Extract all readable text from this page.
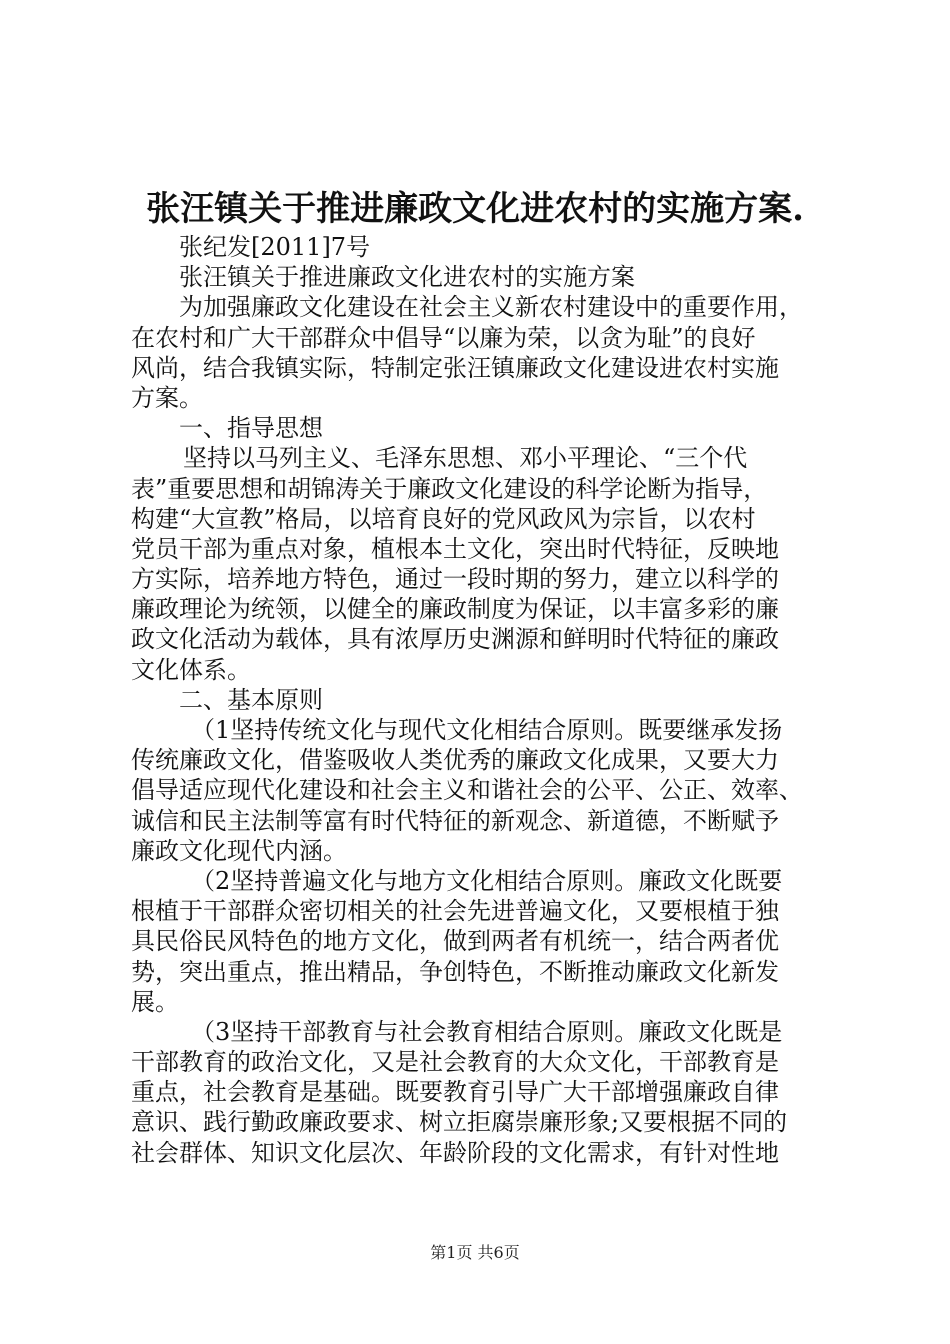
张汪镇关于推进廉政文化进农村的实施方案.
张纪发[2011]7号
张汪镇关于推进廉政文化进农村的实施方案
为加强廉政文化建设在社会主义新农村建设中的重要作用，
在农村和广大干部群众中倡导“以廉为荣，以贪为耻”的良好
风尚，结合我镇实际，特制定张汪镇廉政文化建设进农村实施
方案。
一、指导思想
坚持以马列主义、毛泽东思想、邓小平理论、“三个代
表”重要思想和胡锦涛关于廉政文化建设的科学论断为指导，
构建“大宣教”格局，以培育良好的党风政风为宗旨，以农村
党员干部为重点对象，植根本土文化，突出时代特征，反映地
方实际，培养地方特色，通过一段时期的努力，建立以科学的
廉政理论为统领，以健全的廉政制度为保证，以丰富多彩的廉
政文化活动为载体，具有浓厚历史渊源和鲜明时代特征的廉政
文化体系。
二、基本原则
（1坚持传统文化与现代文化相结合原则。既要继承发扬
传统廉政文化，借鉴吸收人类优秀的廉政文化成果，又要大力
倡导适应现代化建设和社会主义和谐社会的公平、公正、效率、
诚信和民主法制等富有时代特征的新观念、新道德，不断赋予
廉政文化现代内涵。
（2坚持普遍文化与地方文化相结合原则。廉政文化既要
根植于干部群众密切相关的社会先进普遍文化，又要根植于独
具民俗民风特色的地方文化，做到两者有机统一，结合两者优
势，突出重点，推出精品，争创特色，不断推动廉政文化新发
展。
（3坚持干部教育与社会教育相结合原则。廉政文化既是
干部教育的政治文化，又是社会教育的大众文化，干部教育是
重点，社会教育是基础。既要教育引导广大干部增强廉政自律
意识、践行勤政廉政要求、树立拒腐崇廉形象;又要根据不同的
社会群体、知识文化层次、年龄阶段的文化需求，有针对性地
第1页 共6页
